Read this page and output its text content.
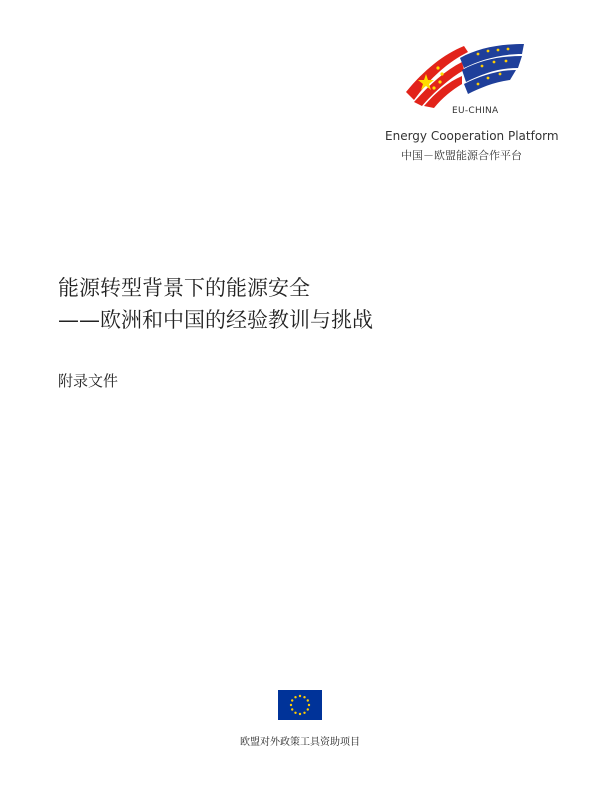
EU-CHINA
Energy Cooperation Platform
中国－欧盟能源合作平台
能源转型背景下的能源安全
——欧洲和中国的经验教训与挑战
附录文件
欧盟对外政策工具资助项目
